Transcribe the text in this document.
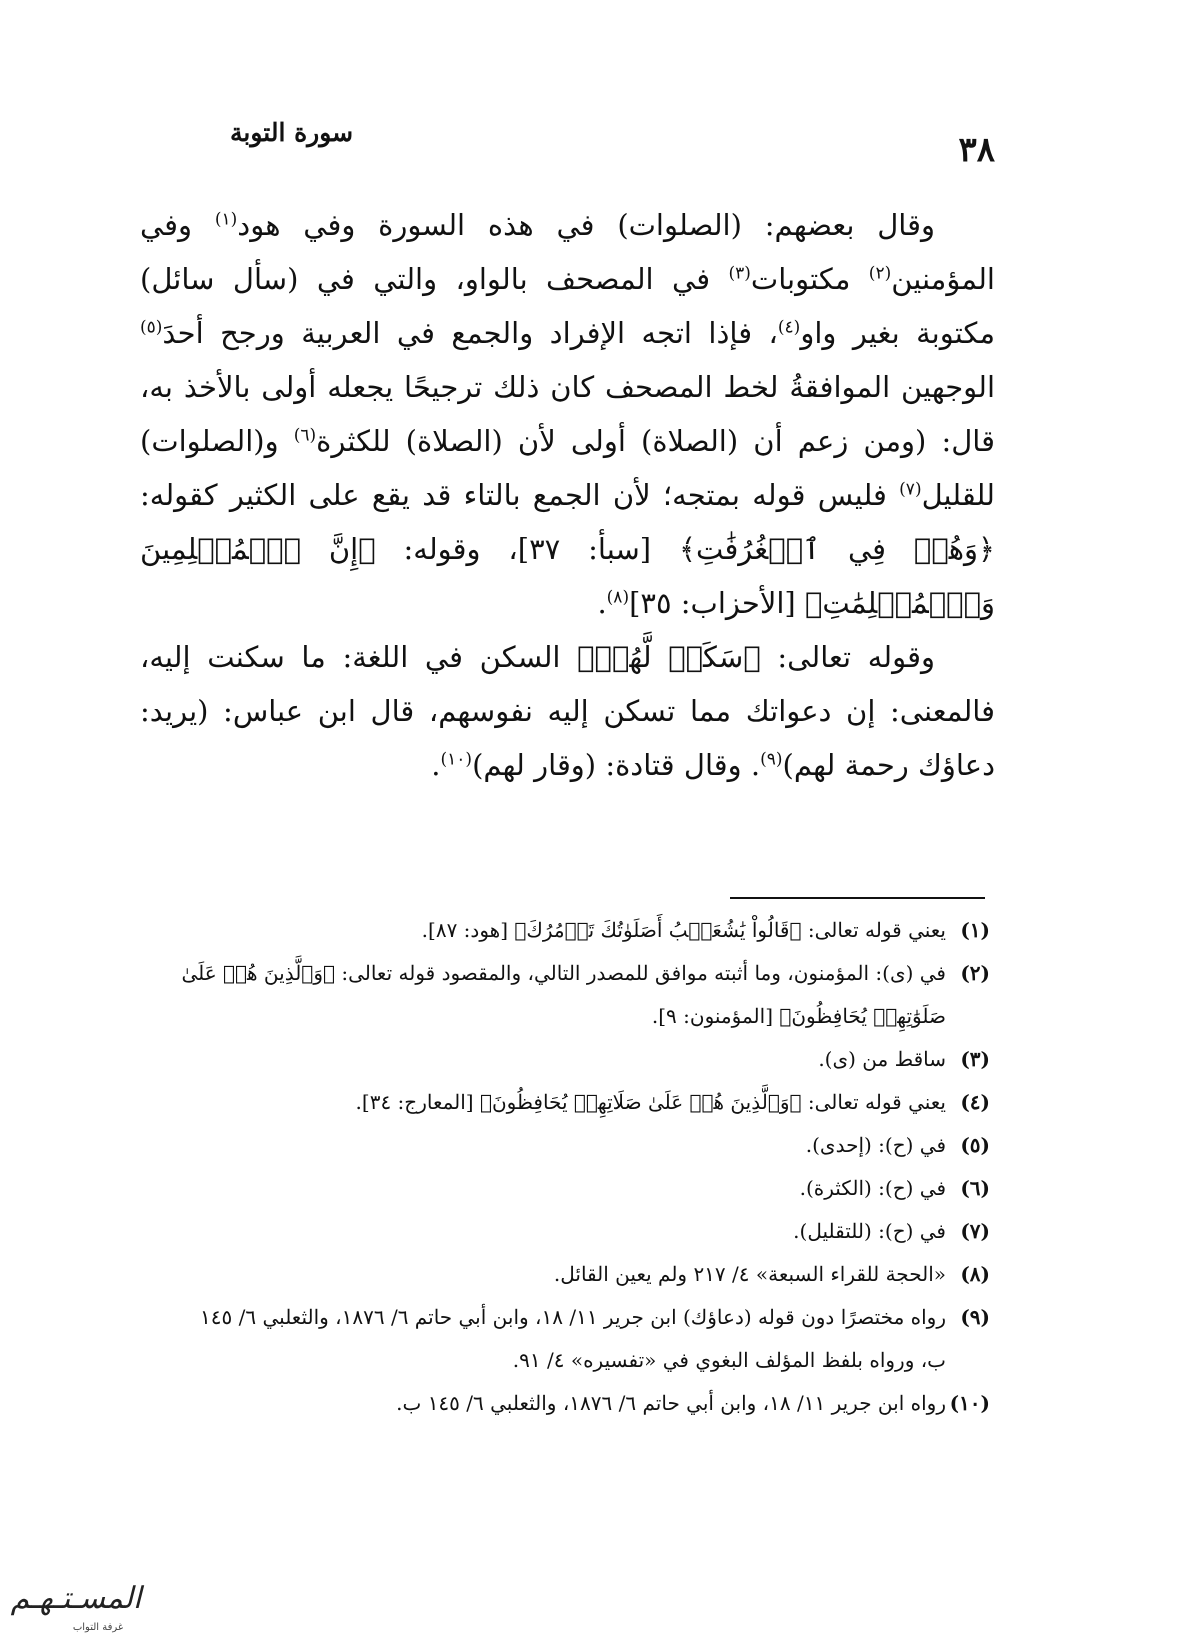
٣٨
سورة التوبة

وقال بعضهم: (الصلوات) في هذه السورة وفي هود$^{(١)}$ وفي المؤمنين$^{(٢)}$ مكتوبات$^{(٣)}$ في المصحف بالواو، والتي في (سأل سائل) مكتوبة بغير واو$^{(٤)}$، فإذا اتجه الإفراد والجمع في العربية ورجح أحدَ$^{(٥)}$ الوجهين الموافقةُ لخط المصحف كان ذلك ترجيحًا يجعله أولى بالأخذ به، قال: (ومن زعم أن (الصلاة) أولى لأن (الصلاة) للكثرة$^{(٦)}$ و(الصلوات) للقليل$^{(٧)}$ فليس قوله بمتجه؛ لأن الجمع بالتاء قد يقع على الكثير كقوله: ﴿وَهُمۡ فِي ٱلۡغُرُفَٰتِ﴾ [سبأ: ٣٧]، وقوله: ﴿إِنَّ ٱلۡمُسۡلِمِينَ وَٱلۡمُسۡلِمَٰتِ﴾ [الأحزاب: ٣٥]$^{(٨)}$.

وقوله تعالى: ﴿سَكَنٞ لَّهُمۡ﴾ السكن في اللغة: ما سكنت إليه، فالمعنى: إن دعواتك مما تسكن إليه نفوسهم، قال ابن عباس: (يريد: دعاؤك رحمة لهم)$^{(٩)}$. وقال قتادة: (وقار لهم)$^{(١٠)}$.

(١)
يعني قوله تعالى: ﴿قَالُواْ يَٰشُعَيۡبُ أَصَلَوٰتُكَ تَأۡمُرُكَ﴾ [هود: ٨٧].
(٢)
في (ى): المؤمنون، وما أثبته موافق للمصدر التالي، والمقصود قوله تعالى: ﴿وَٱلَّذِينَ هُمۡ عَلَىٰ صَلَوَٰتِهِمۡ يُحَافِظُونَ﴾ [المؤمنون: ٩].
(٣)
ساقط من (ى).
(٤)
يعني قوله تعالى: ﴿وَٱلَّذِينَ هُمۡ عَلَىٰ صَلَاتِهِمۡ يُحَافِظُونَ﴾ [المعارج: ٣٤].
(٥)
في (ح): (إحدى).
(٦)
في (ح): (الكثرة).
(٧)
في (ح): (للتقليل).
(٨)
«الحجة للقراء السبعة» ٤/ ٢١٧ ولم يعين القائل.
(٩)
رواه مختصرًا دون قوله (دعاؤك) ابن جرير ١١/ ١٨، وابن أبي حاتم ٦/ ١٨٧٦، والثعلبي ٦/ ١٤٥ ب، ورواه بلفظ المؤلف البغوي في «تفسيره» ٤/ ٩١.
(١٠)
رواه ابن جرير ١١/ ١٨، وابن أبي حاتم ٦/ ١٨٧٦، والثعلبي ٦/ ١٤٥ ب.
المسـتـهـم
غرفة التواب
